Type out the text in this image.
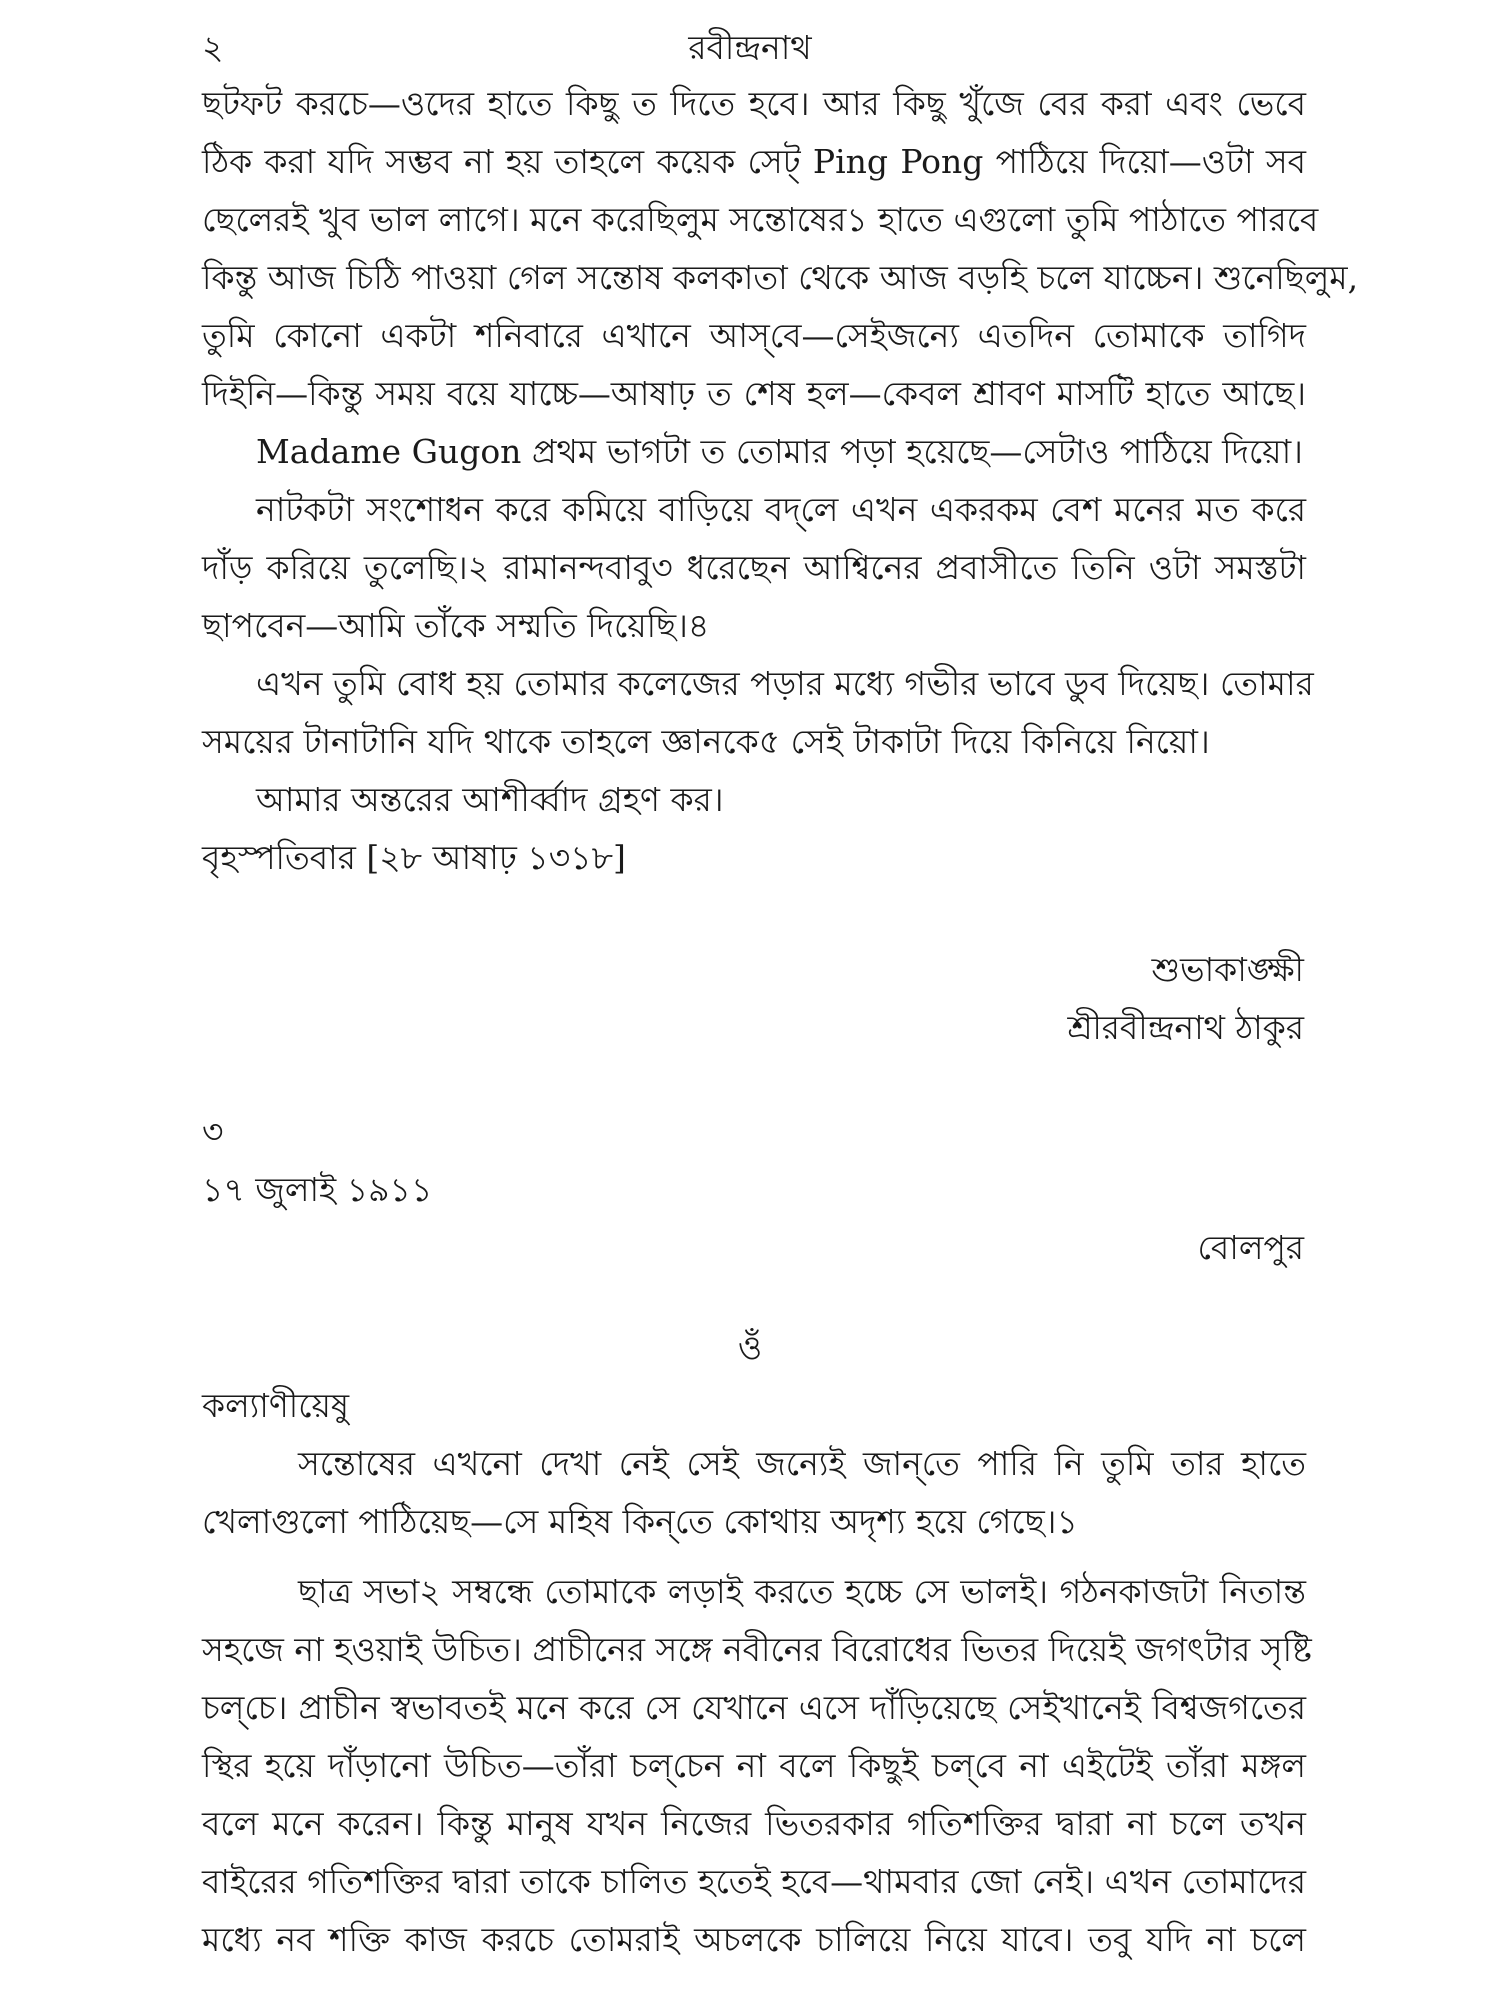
২	রবীন্দ্রনাথ
ছটফট করচে—ওদের হাতে কিছু ত দিতে হবে। আর কিছু খুঁজে বের করা এবং ভেবে
ঠিক করা যদি সম্ভব না হয় তাহলে কয়েক সেট্ Ping Pong পাঠিয়ে দিয়ো—ওটা সব
ছেলেরই খুব ভাল লাগে। মনে করেছিলুম সন্তোষের১ হাতে এগুলো তুমি পাঠাতে পারবে
কিন্তু আজ চিঠি পাওয়া গেল সন্তোষ কলকাতা থেকে আজ বড়হি চলে যাচ্চেন। শুনেছিলুম,
তুমি কোনো একটা শনিবারে এখানে আস্‌বে—সেইজন্যে এতদিন তোমাকে তাগিদ
দিইনি—কিন্তু সময় বয়ে যাচ্চে—আষাঢ় ত শেষ হল—কেবল শ্রাবণ মাসটি হাতে আছে।
Madame Gugon প্রথম ভাগটা ত তোমার পড়া হয়েছে—সেটাও পাঠিয়ে দিয়ো।
নাটকটা সংশোধন করে কমিয়ে বাড়িয়ে বদ্‌লে এখন একরকম বেশ মনের মত করে
দাঁড় করিয়ে তুলেছি।২ রামানন্দবাবু৩ ধরেছেন আশ্বিনের প্রবাসীতে তিনি ওটা সমস্তটা
ছাপবেন—আমি তাঁকে সম্মতি দিয়েছি।৪
এখন তুমি বোধ হয় তোমার কলেজের পড়ার মধ্যে গভীর ভাবে ডুব দিয়েছ। তোমার
সময়ের টানাটানি যদি থাকে তাহলে জ্ঞানকে৫ সেই টাকাটা দিয়ে কিনিয়ে নিয়ো।
আমার অন্তরের আশীর্ব্বাদ গ্রহণ কর।
বৃহস্পতিবার [২৮ আষাঢ় ১৩১৮]
শুভাকাঙ্ক্ষী
শ্রীরবীন্দ্রনাথ ঠাকুর
৩
১৭ জুলাই ১৯১১
বোলপুর
ওঁ
কল্যাণীয়েষু
সন্তোষের এখনো দেখা নেই সেই জন্যেই জান্‌তে পারি নি তুমি তার হাতে
খেলাগুলো পাঠিয়েছ—সে মহিষ কিন্‌তে কোথায় অদৃশ্য হয়ে গেছে।১
ছাত্র সভা২ সম্বন্ধে তোমাকে লড়াই করতে হচ্চে সে ভালই। গঠনকাজটা নিতান্ত
সহজে না হওয়াই উচিত। প্রাচীনের সঙ্গে নবীনের বিরোধের ভিতর দিয়েই জগৎটার সৃষ্টি
চল্‌চে। প্রাচীন স্বভাবতই মনে করে সে যেখানে এসে দাঁড়িয়েছে সেইখানেই বিশ্বজগতের
স্থির হয়ে দাঁড়ানো উচিত—তাঁরা চল্‌চেন না বলে কিছুই চল্‌বে না এইটেই তাঁরা মঙ্গল
বলে মনে করেন। কিন্তু মানুষ যখন নিজের ভিতরকার গতিশক্তির দ্বারা না চলে তখন
বাইরের গতিশক্তির দ্বারা তাকে চালিত হতেই হবে—থামবার জো নেই। এখন তোমাদের
মধ্যে নব শক্তি কাজ করচে তোমরাই অচলকে চালিয়ে নিয়ে যাবে। তবু যদি না চলে
